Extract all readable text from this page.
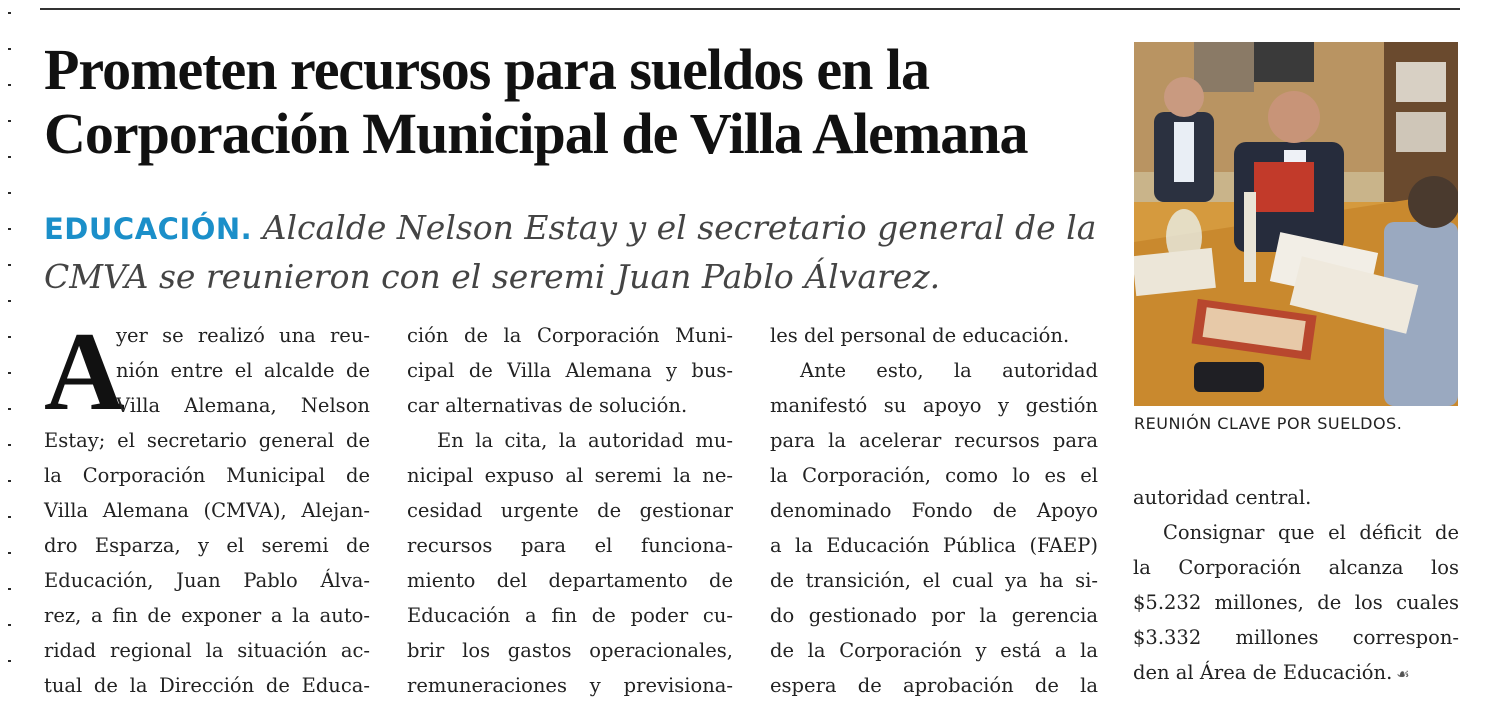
Prometen recursos para sueldos en la Corporación Municipal de Villa Alemana

EDUCACIÓN. Alcalde Nelson Estay y el secretario general de la CMVA se reunieron con el seremi Juan Pablo Álvarez.

A
yer se realizó una reu-
nión entre el alcalde de
Villa Alemana, Nelson
Estay; el secretario general de
la Corporación Municipal de
Villa Alemana (CMVA), Alejan-
dro Esparza, y el seremi de
Educación, Juan Pablo Álva-
rez, a fin de exponer a la auto-
ridad regional la situación ac-
tual de la Dirección de Educa-
ción de la Corporación Muni-
cipal de Villa Alemana y bus-
car alternativas de solución.
En la cita, la autoridad mu-
nicipal expuso al seremi la ne-
cesidad urgente de gestionar
recursos para el funciona-
miento del departamento de
Educación a fin de poder cu-
brir los gastos operacionales,
remuneraciones y previsiona-
les del personal de educación.
Ante esto, la autoridad
manifestó su apoyo y gestión
para la acelerar recursos para
la Corporación, como lo es el
denominado Fondo de Apoyo
a la Educación Pública (FAEP)
de transición, el cual ya ha si-
do gestionado por la gerencia
de la Corporación y está a la
espera de aprobación de la
REUNIÓN CLAVE POR SUELDOS.
autoridad central.
Consignar que el déficit de
la Corporación alcanza los
$5.232 millones, de los cuales
$3.332 millones correspon-
den al Área de Educación. ☙
